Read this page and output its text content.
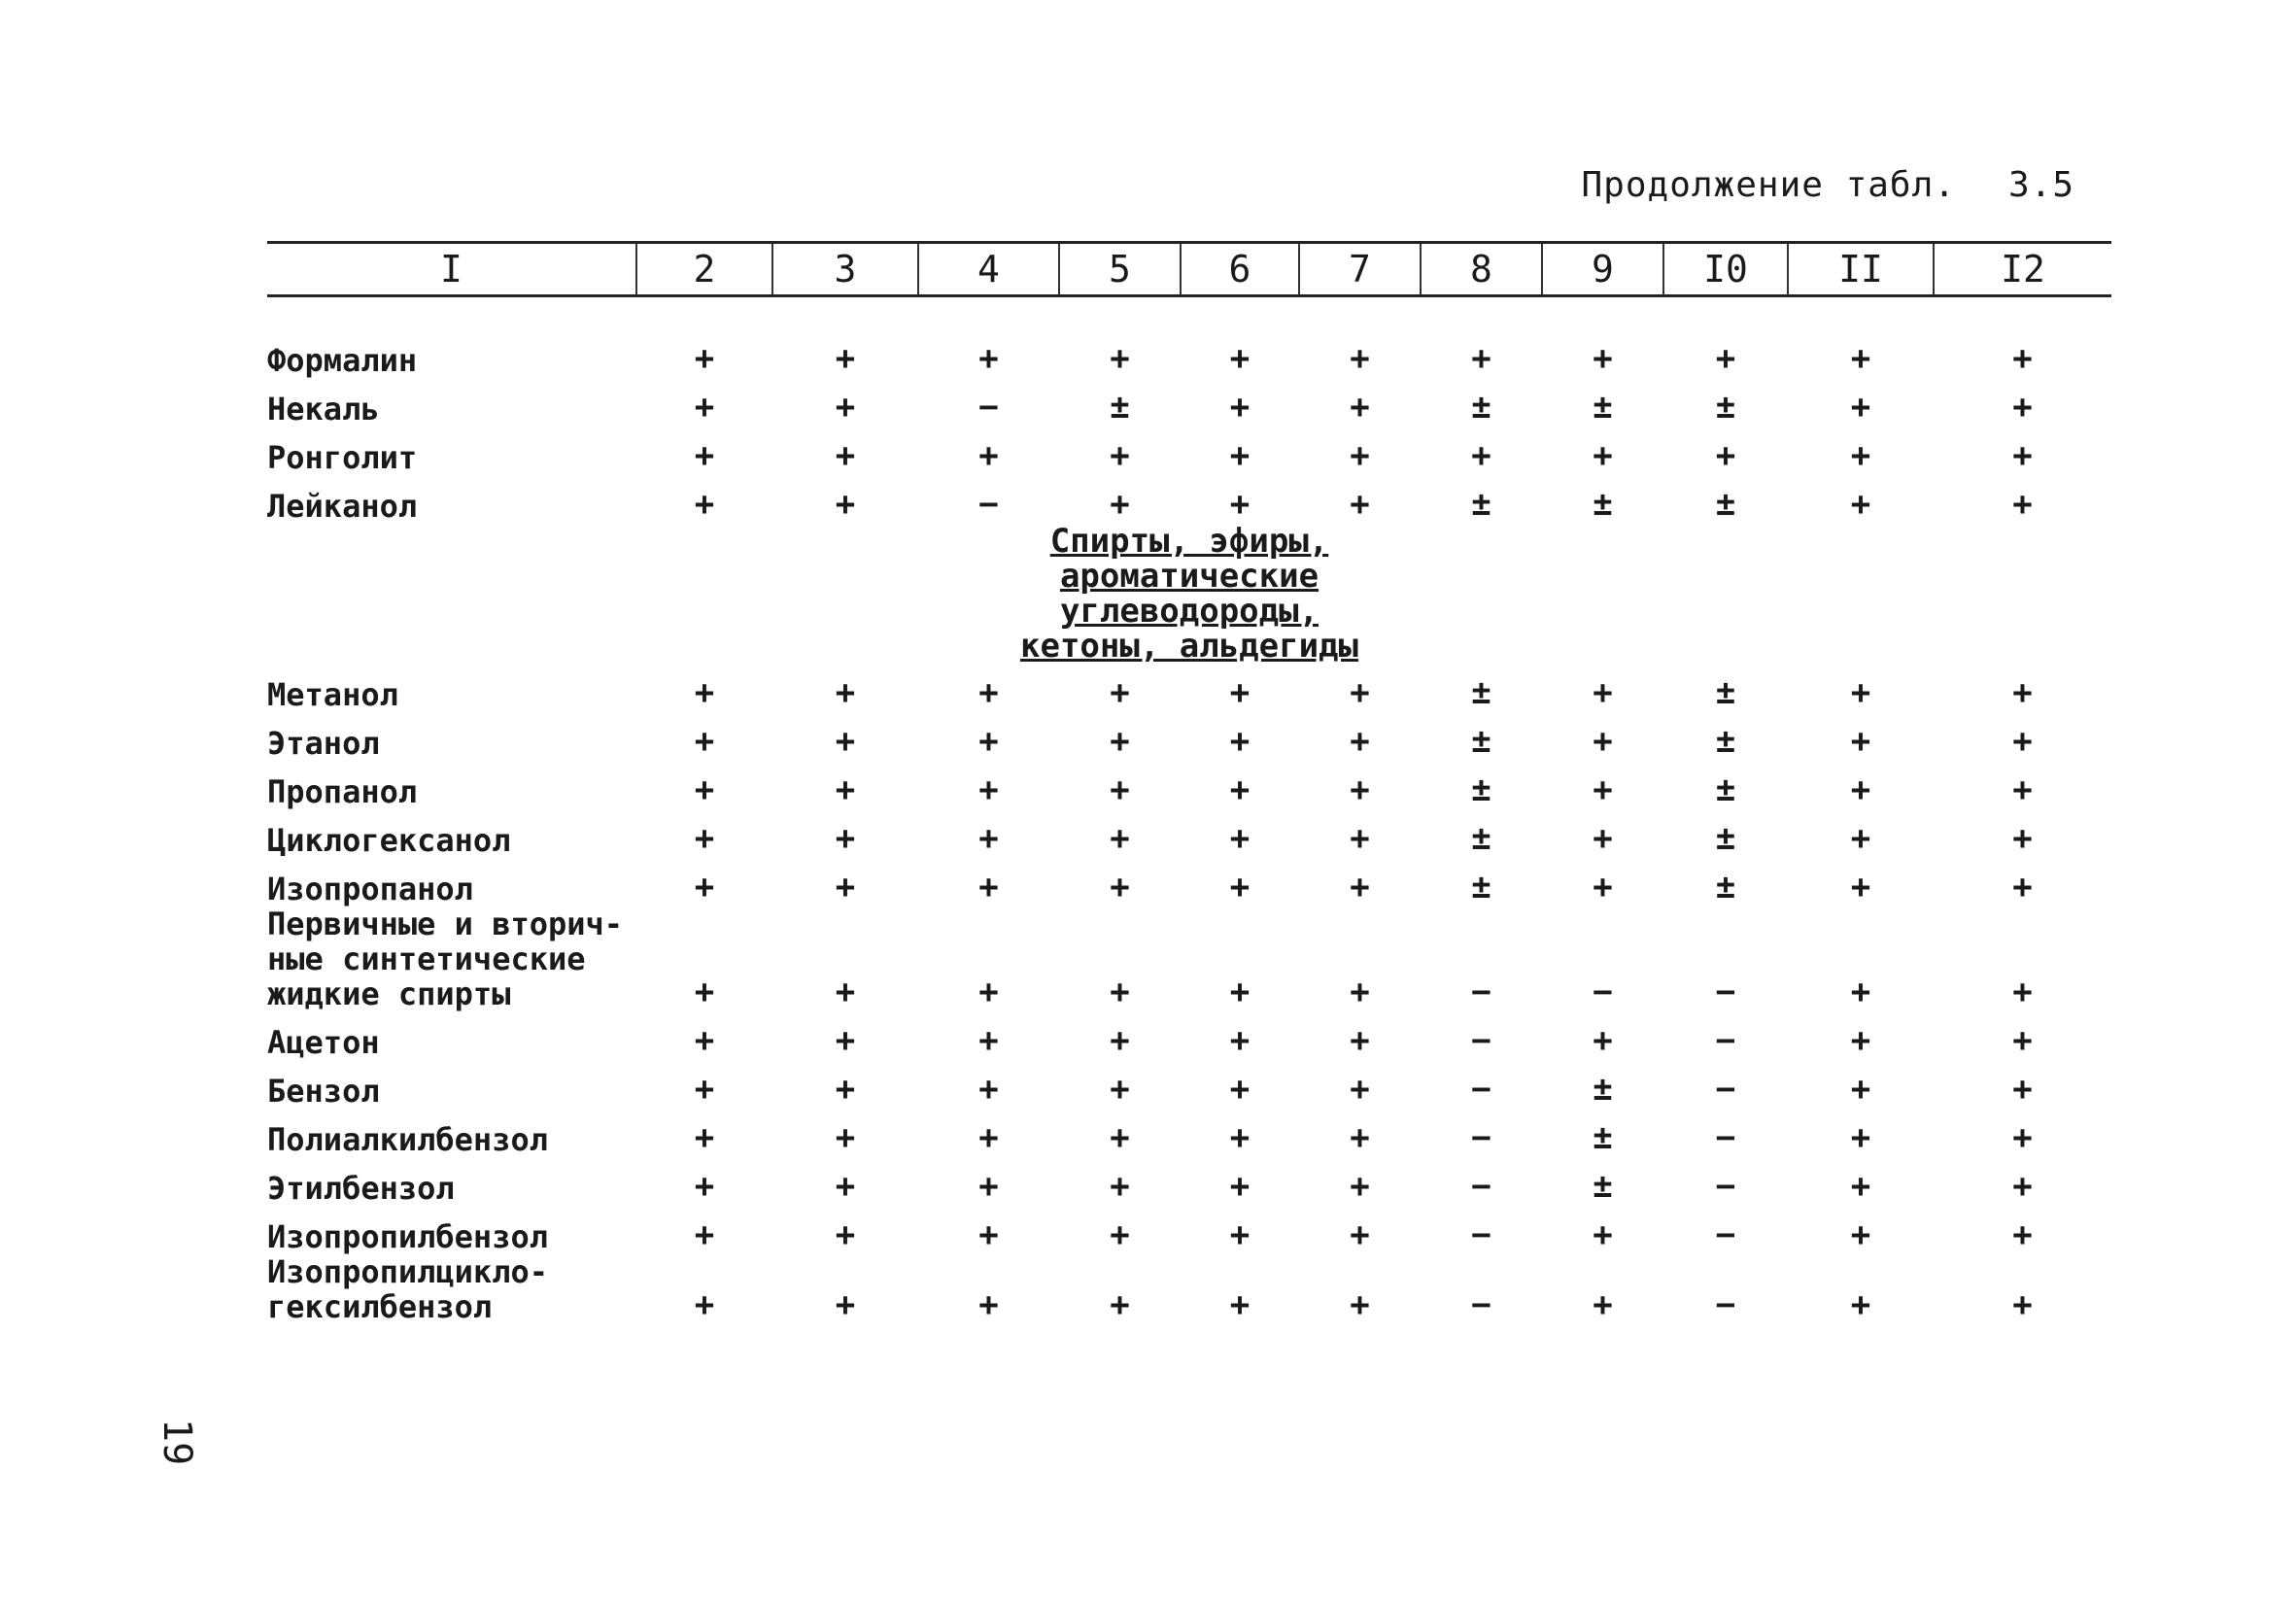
Продолжение табл. 3.5
19
I	2	3	4	5	6	7	8	9	I0	II	I2

Формалин	+	+	+	+	+	+	+	+	+	+	+
Некаль	+	+	−	±	+	+	±	±	±	+	+
Ронголит	+	+	+	+	+	+	+	+	+	+	+
Лейканол	+	+	−	+	+	+	±	±	±	+	+
Спирты, эфиры,
ароматические
углеводороды,
кетоны, альдегиды											
Метанол	+	+	+	+	+	+	±	+	±	+	+
Этанол	+	+	+	+	+	+	±	+	±	+	+
Пропанол	+	+	+	+	+	+	±	+	±	+	+
Циклогексанол	+	+	+	+	+	+	±	+	±	+	+
Изопропанол	+	+	+	+	+	+	±	+	±	+	+
Первичные и вторич-
ные синтетические
жидкие спирты	+	+	+	+	+	+	−	−	−	+	+
Ацетон	+	+	+	+	+	+	−	+	−	+	+
Бензол	+	+	+	+	+	+	−	±	−	+	+
Полиалкилбензол	+	+	+	+	+	+	−	±	−	+	+
Этилбензол	+	+	+	+	+	+	−	±	−	+	+
Изопропилбензол	+	+	+	+	+	+	−	+	−	+	+
Изопропилцикло-
гексилбензол	+	+	+	+	+	+	−	+	−	+	+
